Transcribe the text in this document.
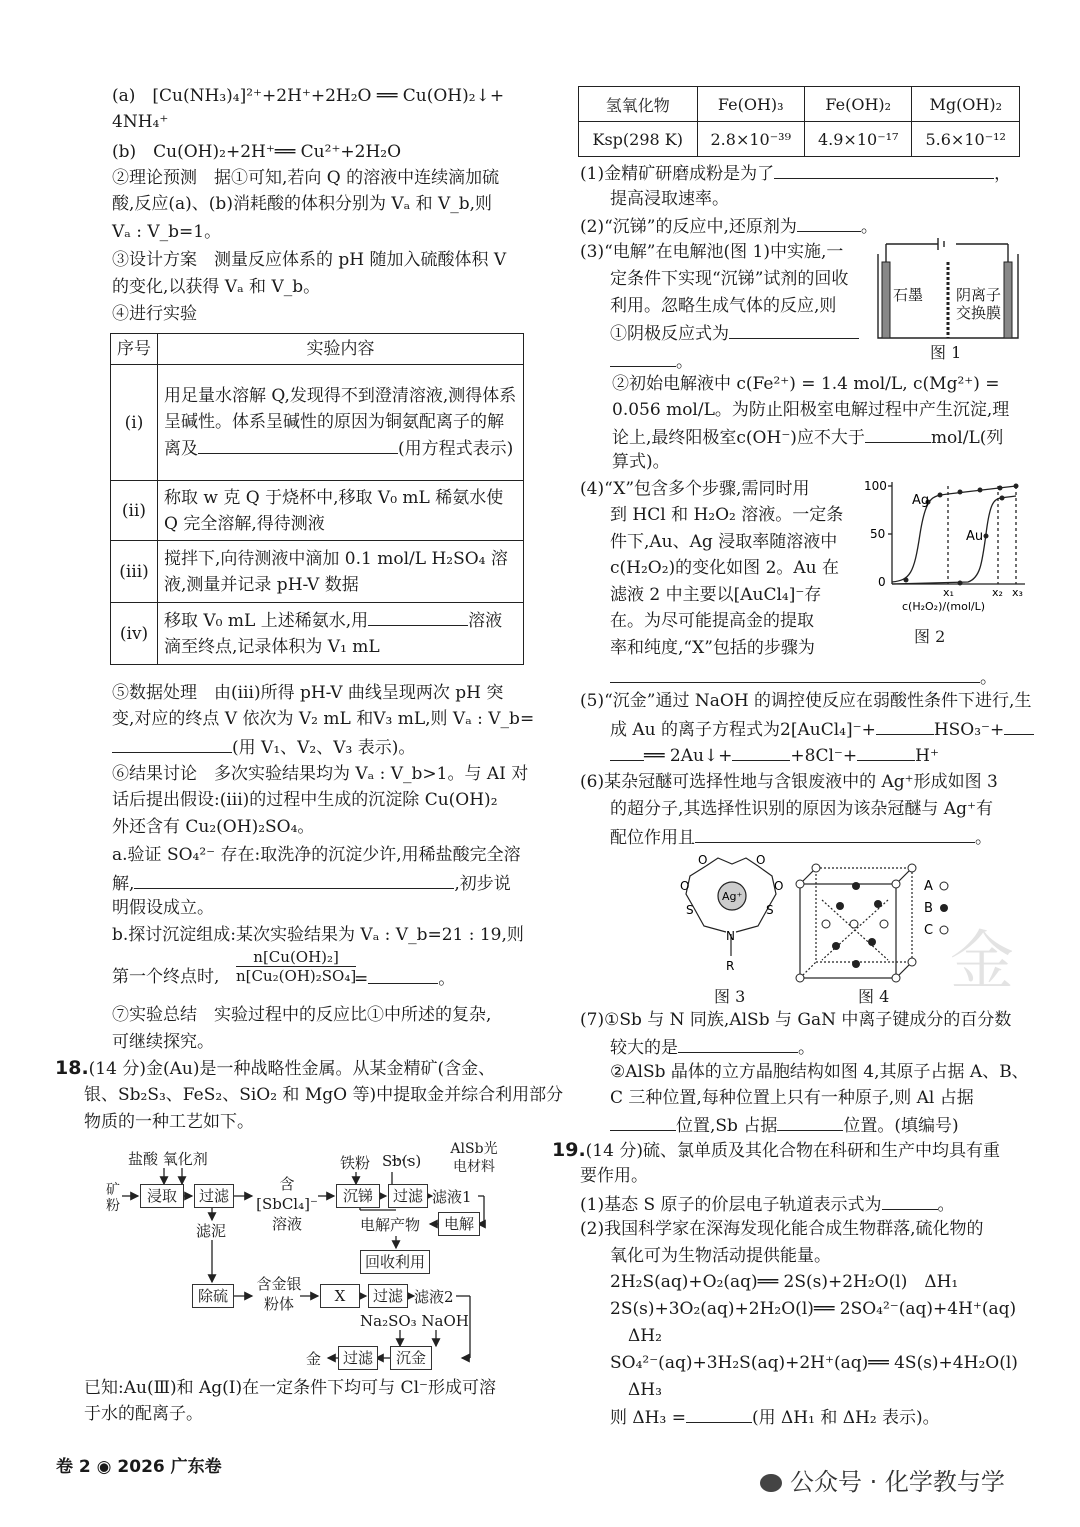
(a)　[Cu(NH₃)₄]²⁺+2H⁺+2H₂O ══ Cu(OH)₂↓+
4NH₄⁺
(b)　Cu(OH)₂+2H⁺══ Cu²⁺+2H₂O
②理论预测　据①可知,若向 Q 的溶液中连续滴加硫
酸,反应(a)、(b)消耗酸的体积分别为 Vₐ 和 V_b,则
Vₐ : V_b=1。
③设计方案　测量反应体系的 pH 随加入硫酸体积 V
的变化,以获得 Vₐ 和 V_b。
④进行实验
序号	实验内容
(ⅰ)	用足量水溶解 Q,发现得不到澄清溶液,测得体系呈碱性。体系呈碱性的原因为铜氨配离子的解离及 (用方程式表示)
(ⅱ)	称取 w 克 Q 于烧杯中,移取 V₀ mL 稀氨水使 Q 完全溶解,得待测液
(ⅲ)	搅拌下,向待测液中滴加 0.1 mol/L H₂SO₄ 溶液,测量并记录 pH-V 数据
(ⅳ)	移取 V₀ mL 上述稀氨水,用 溶液滴至终点,记录体积为 V₁ mL
⑤数据处理　由(ⅲ)所得 pH-V 曲线呈现两次 pH 突
变,对应的终点 V 依次为 V₂ mL 和V₃ mL,则 Vₐ : V_b=
(用 V₁、V₂、V₃ 表示)。
⑥结果讨论　多次实验结果均为 Vₐ : V_b>1。与 AI 对
话后提出假设:(ⅲ)的过程中生成的沉淀除 Cu(OH)₂
外还含有 Cu₂(OH)₂SO₄。
a.验证 SO₄²⁻ 存在:取洗净的沉淀少许,用稀盐酸完全溶
解,	,初步说
明假设成立。
b.探讨沉淀组成:某次实验结果为 Vₐ : V_b=21 : 19,则
第一个终点时, $\frac{\text{n[Cu(OH)₂]}}{\text{n[Cu₂(OH)₂SO₄]}}$
=	。
⑦实验总结　实验过程中的反应比①中所述的复杂,
可继续探究。
18.(14 分)金(Au)是一种战略性金属。从某金精矿(含金、
银、Sb₂S₃、FeS₂、SiO₂ 和 MgO 等)中提取金并综合利用部分
物质的一种工艺如下。
盐酸 氧化剂
矿粉
浸取	过滤
含[SbCl₄]⁻溶液
铁粉 Sb(s)
AlSb光电材料
沉锑	过滤 滤液1
电解产物	电解
滤泥
回收利用
除硫
含金银粉体	X	过滤 滤液2
Na₂SO₃ NaOH
金	过滤	沉金
已知:Au(Ⅲ)和 Ag(Ⅰ)在一定条件下均可与 Cl⁻形成可溶
于水的配离子。
氢氧化物	Fe(OH)₃	Fe(OH)₂	Mg(OH)₂
Ksp(298 K)	2.8×10⁻³⁹	4.9×10⁻¹⁷	5.6×10⁻¹²
(1)金精矿研磨成粉是为了	，
提高浸取速率。
(2)“沉锑”的反应中,还原剂为	。
(3)“电解”在电解池(图 1)中实施,一
定条件下实现“沉锑”试剂的回收
利用。忽略生成气体的反应,则
①阴极反应式为
。
石墨 阴离子
交换膜
图 1
②初始电解液中 c(Fe²⁺) = 1.4 mol/L, c(Mg²⁺) =
0.056 mol/L。为防止阳极室电解过程中产生沉淀,理
论上,最终阳极室c(OH⁻)应不大于	mol/L(列
算式)。
(4)“X”包含多个步骤,需同时用
到 HCl 和 H₂O₂ 溶液。一定条
件下,Au、Ag 浸取率随溶液中
c(H₂O₂)的变化如图 2。Au 在
滤液 2 中主要以[AuCl₄]⁻存
在。为尽可能提高金的提取
率和纯度,“X”包括的步骤为
。
100
50
0
x₁	x₂ x₃
Ag
Au
c(H₂O₂)/(mol/L)
图 2
(5)“沉金”通过 NaOH 的调控使反应在弱酸性条件下进行,生
成 Au 的离子方程式为2[AuCl₄]⁻+	HSO₃⁻+
══ 2Au↓+	+8Cl⁻+	H⁺
(6)某杂冠醚可选择性地与含银废液中的 Ag⁺形成如图 3
的超分子,其选择性识别的原因为该杂冠醚与 Ag⁺有
配位作用且	。
O	O
O	O
S	S
N
R
Ag⁺
图 3
A
B
C
图 4
(7)①Sb 与 N 同族,AlSb 与 GaN 中离子键成分的百分数
较大的是	。
②AlSb 晶体的立方晶胞结构如图 4,其原子占据 A、B、
C 三种位置,每种位置上只有一种原子,则 Al 占据
位置,Sb 占据	位置。(填编号)
19.(14 分)硫、氯单质及其化合物在科研和生产中均具有重
要作用。
(1)基态 S 原子的价层电子轨道表示式为	。
(2)我国科学家在深海发现化能合成生物群落,硫化物的
氧化可为生物活动提供能量。
2H₂S(aq)+O₂(aq)══ 2S(s)+2H₂O(l)　ΔH₁
2S(s)+3O₂(aq)+2H₂O(l)══ 2SO₄²⁻(aq)+4H⁺(aq)
ΔH₂
SO₄²⁻(aq)+3H₂S(aq)+2H⁺(aq)══ 4S(s)+4H₂O(l)
ΔH₃
则 ΔH₃ =	(用 ΔH₁ 和 ΔH₂ 表示)。
金
卷 2 ◉ 2026 广东卷
公众号 · 化学教与学
